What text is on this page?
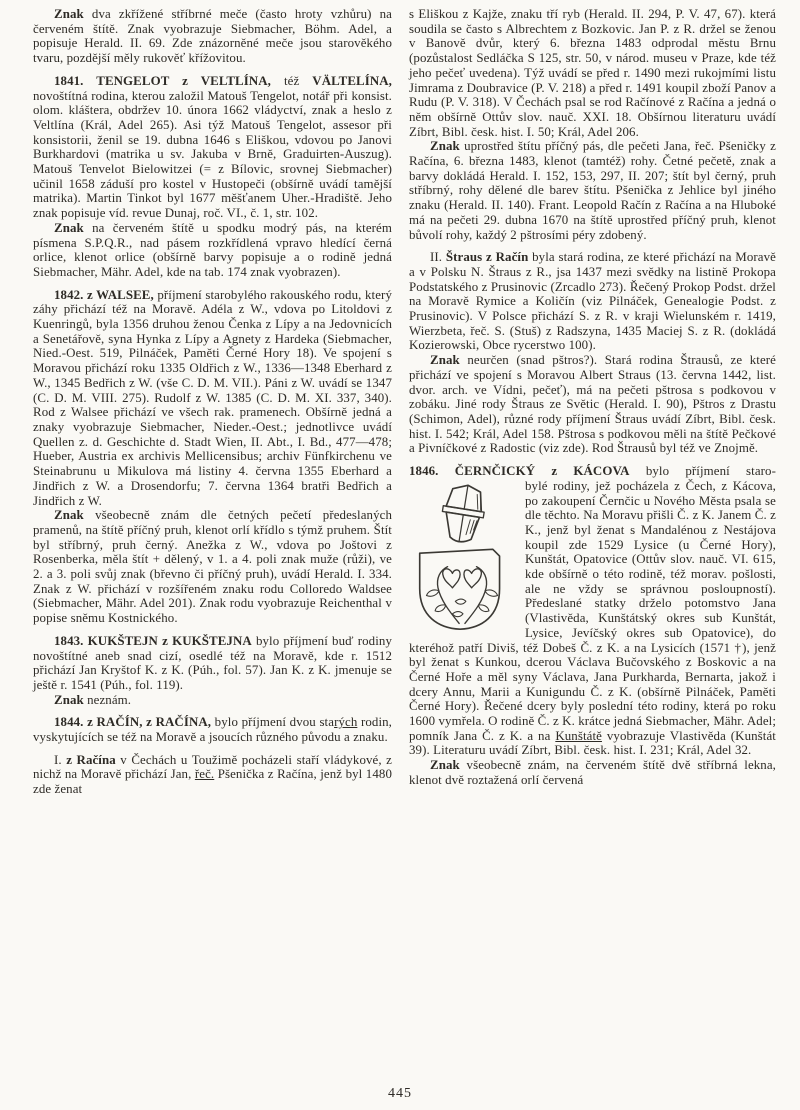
Znak dva zkřížené stříbrné meče (často hroty vzhůru) na červeném štítě. Znak vyobrazuje Siebmacher, Böhm. Adel, a popisuje Herald. II. 69. Zde znázorněné meče jsou starověkého tvaru, pozdější měly rukověť křížovitou.

1841. TENGELOT z VELTLÍNA, též VÄLTELÍNA, novoštítná rodina, kterou založil Matouš Tengelot, notář při konsist. olom. kláštera, obdržev 10. února 1662 vládyctví, znak a heslo z Veltlína (Král, Adel 265). Asi týž Matouš Tengelot, assesor při konsistorii, ženil se 19. dubna 1646 s Eliškou, vdovou po Janovi Burkhardovi (matrika u sv. Jakuba v Brně, Graduirten-Auszug). Matouš Tenvelot Bielowitzei (= z Bílovic, srovnej Siebmacher) učinil 1658 záduší pro kostel v Hustopeči (obšírně uvádí tamější matrika). Martin Tinkot byl 1677 měšťanem Uher.-Hradiště. Jeho znak popisuje víd. revue Dunaj, roč. VI., č. 1, str. 102.

Znak na červeném štítě u spodku modrý pás, na kterém písmena S.P.Q.R., nad pásem rozkřídlená vpravo hledící černá orlice, klenot orlice (obšírně barvy popisuje a o rodině jedná Siebmacher, Mähr. Adel, kde na tab. 174 znak vyobrazen).

1842. z WALSEE, příjmení starobylého rakouského rodu, který záhy přichází též na Moravě. Adéla z W., vdova po Litoldovi z Kuenringů, byla 1356 druhou ženou Čenka z Lípy a na Jedovnicích a Senetářově, syna Hynka z Lípy a Agnety z Hardeka (Siebmacher, Nied.-Oest. 519, Pilnáček, Paměti Černé Hory 18). Ve spojení s Moravou přichází roku 1335 Oldřich z W., 1336—1348 Eberhard z W., 1345 Bedřich z W. (vše C. D. M. VII.). Páni z W. uvádí se 1347 (C. D. M. VIII. 275). Rudolf z W. 1385 (C. D. M. XI. 337, 340). Rod z Walsee přichází ve všech rak. pramenech. Obšírně jedná a znaky vyobrazuje Siebmacher, Nieder.-Oest.; jednotlivce uvádí Quellen z. d. Geschichte d. Stadt Wien, II. Abt., I. Bd., 477—478; Hueber, Austria ex archivis Mellicensibus; archiv Fünfkirchenu ve Steinabrunu u Mikulova má listiny 4. června 1355 Eberhard a Jindřich z W. a Drosendorfu; 7. června 1364 bratři Bedřich a Jindřich z W.

Znak všeobecně znám dle četných pečetí předeslaných pramenů, na štítě příčný pruh, klenot orlí křídlo s týmž pruhem. Štít byl stříbrný, pruh černý. Anežka z W., vdova po Joštovi z Rosenberka, měla štít + dělený, v 1. a 4. poli znak muže (růži), ve 2. a 3. poli svůj znak (břevno či příčný pruh), uvádí Herald. I. 334. Znak z W. přichází v rozšířeném znaku rodu Colloredo Waldsee (Siebmacher, Mähr. Adel 201). Znak rodu vyobrazuje Reichenthal v popise sněmu Kostnického.

1843. KUKŠTEJN z KUKŠTEJNA bylo příjmení buď rodiny novoštítné aneb snad cizí, osedlé též na Moravě, kde r. 1512 přichází Jan Kryštof K. z K. (Púh., fol. 57). Jan K. z K. jmenuje se ještě r. 1541 (Púh., fol. 119).

Znak neznám.

1844. z RAČÍN, z RAČÍNA, bylo příjmení dvou starých rodin, vyskytujících se též na Moravě a jsoucích různého původu a znaku.

I. z Račína v Čechách u Toužimě pocházeli staří vládykové, z nichž na Moravě přichází Jan, řeč. Pšenička z Račína, jenž byl 1480 zde ženat

s Eliškou z Kajže, znaku tří ryb (Herald. II. 294, P. V. 47, 67). která soudila se často s Albrechtem z Bozkovic. Jan P. z R. držel se ženou v Banově dvůr, který 6. března 1483 odprodal městu Brnu (pozůstalost Sedláčka S 125, str. 50, v národ. museu v Praze, kde též jeho pečeť uvedena). Týž uvádí se před r. 1490 mezi rukojmími listu Jimrama z Doubravice (P. V. 218) a před r. 1491 koupil zboží Panov a Rudu (P. V. 318). V Čechách psal se rod Račínové z Račína a jedná o něm obšírně Ottův slov. nauč. XXI. 18. Obšírnou literaturu uvádí Zíbrt, Bibl. česk. hist. I. 50; Král, Adel 206.

Znak uprostřed štítu příčný pás, dle pečeti Jana, řeč. Pšeničky z Račína, 6. března 1483, klenot (tamtéž) rohy. Četné pečetě, znak a barvy dokládá Herald. I. 152, 153, 297, II. 207; štít byl černý, pruh stříbrný, rohy dělené dle barev štítu. Pšenička z Jehlice byl jiného znaku (Herald. II. 140). Frant. Leopold Račín z Račína a na Hluboké má na pečeti 29. dubna 1670 na štítě uprostřed příčný pruh, klenot bůvolí rohy, každý 2 pštrosími péry zdobený.

II. Štraus z Račín byla stará rodina, ze které přichází na Moravě a v Polsku N. Štraus z R., jsa 1437 mezi svědky na listině Prokopa Podstatského z Prusinovic (Zrcadlo 273). Řečený Prokop Podst. držel na Moravě Rymice a Količín (viz Pilnáček, Genealogie Podst. z Prusinovic). V Polsce přichází S. z R. v kraji Wielunském r. 1419, Wierzbeta, řeč. S. (Stuš) z Radszyna, 1435 Maciej S. z R. (dokládá Kozierowski, Obce rycerstwo 100).

Znak neurčen (snad pštros?). Stará rodina Štrausů, ze které přichází ve spojení s Moravou Albert Straus (13. června 1442, list. dvor. arch. ve Vídni, pečeť), má na pečeti pštrosa s podkovou v zobáku. Jiné rody Štraus ze Světic (Herald. I. 90), Pštros z Drastu (Schimon, Adel), různé rody příjmení Štraus uvádí Zíbrt, Bibl. česk. hist. I. 542; Král, Adel 158. Pštrosa s podkovou měli na štítě Pečkové a Pivníčkové z Radostic (viz zde). Rod Štrausů byl též ve Znojmě.

1846. ČERNČICKÝ z KÁCOVA bylo příjmení staro-

bylé rodiny, jež pocházela z Čech, z Kácova, po zakoupení Černčic u Nového Města psala se dle těchto. Na Moravu přišli Č. z K. Janem Č. z K., jenž byl ženat s Mandalénou z Nestájova koupil zde 1529 Lysice (u Černé Hory), Kunštát, Opatovice (Ottův slov. nauč. VI. 615, kde obšírně o této rodině, též morav. pošlosti, ale ne vždy se správnou posloupností). Předeslané statky drželo potomstvo Jana (Vlastivěda, Kunštátský okres sub Kunštát, Lysice, Jevíčský okres sub Opatovice), do kteréhož patří Diviš, též Dobeš Č. z K. a na Lysicích (1571 †), jenž byl ženat s Kunkou, dcerou Václava Bučovského z Boskovic a na Černé Hoře a měl syny Václava, Jana Purkharda, Bernarta, jakož i dcery Annu, Marii a Kunigundu Č. z K. (obšírně Pilnáček, Paměti Černé Hory). Řečené dcery byly poslední této rodiny, která po roku 1600 vymřela. O rodině Č. z K. krátce jedná Siebmacher, Mähr. Adel; pomník Jana Č. z K. a na Kunštátě vyobrazuje Vlastivěda (Kunštát 39). Literaturu uvádí Zíbrt, Bibl. česk. hist. I. 231; Král, Adel 32.

Znak všeobecně znám, na červeném štítě dvě stříbrná lekna, klenot dvě roztažená orlí červená

445
